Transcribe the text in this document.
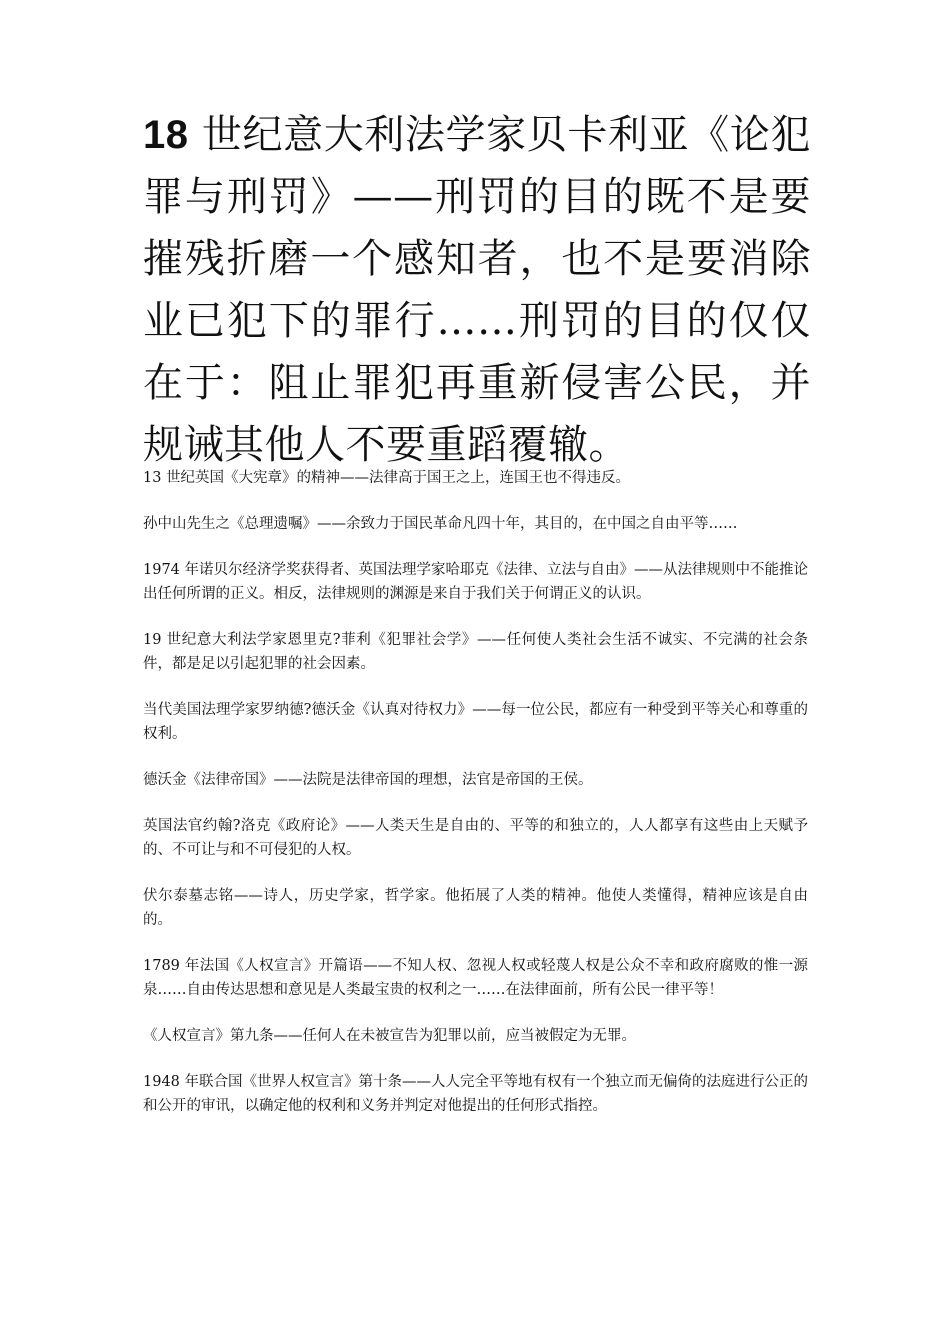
18 世纪意大利法学家贝卡利亚《论犯罪与刑罚》——刑罚的目的既不是要摧残折磨一个感知者，也不是要消除业已犯下的罪行……刑罚的目的仅仅在于：阻止罪犯再重新侵害公民，并规诫其他人不要重蹈覆辙。
13 世纪英国《大宪章》的精神——法律高于国王之上，连国王也不得违反。
孙中山先生之《总理遗嘱》——余致力于国民革命凡四十年，其目的，在中国之自由平等……
1974 年诺贝尔经济学奖获得者、英国法理学家哈耶克《法律、立法与自由》——从法律规则中不能推论出任何所谓的正义。相反，法律规则的渊源是来自于我们关于何谓正义的认识。
19 世纪意大利法学家恩里克?菲利《犯罪社会学》——任何使人类社会生活不诚实、不完满的社会条件，都是足以引起犯罪的社会因素。
当代美国法理学家罗纳德?德沃金《认真对待权力》——每一位公民，都应有一种受到平等关心和尊重的权利。
德沃金《法律帝国》——法院是法律帝国的理想，法官是帝国的王侯。
英国法官约翰?洛克《政府论》——人类天生是自由的、平等的和独立的，人人都享有这些由上天赋予的、不可让与和不可侵犯的人权。
伏尔泰墓志铭——诗人，历史学家，哲学家。他拓展了人类的精神。他使人类懂得，精神应该是自由的。
1789 年法国《人权宣言》开篇语——不知人权、忽视人权或轻蔑人权是公众不幸和政府腐败的惟一源泉……自由传达思想和意见是人类最宝贵的权利之一……在法律面前，所有公民一律平等！
《人权宣言》第九条——任何人在未被宣告为犯罪以前，应当被假定为无罪。
1948 年联合国《世界人权宣言》第十条——人人完全平等地有权有一个独立而无偏倚的法庭进行公正的和公开的审讯，以确定他的权利和义务并判定对他提出的任何形式指控。
